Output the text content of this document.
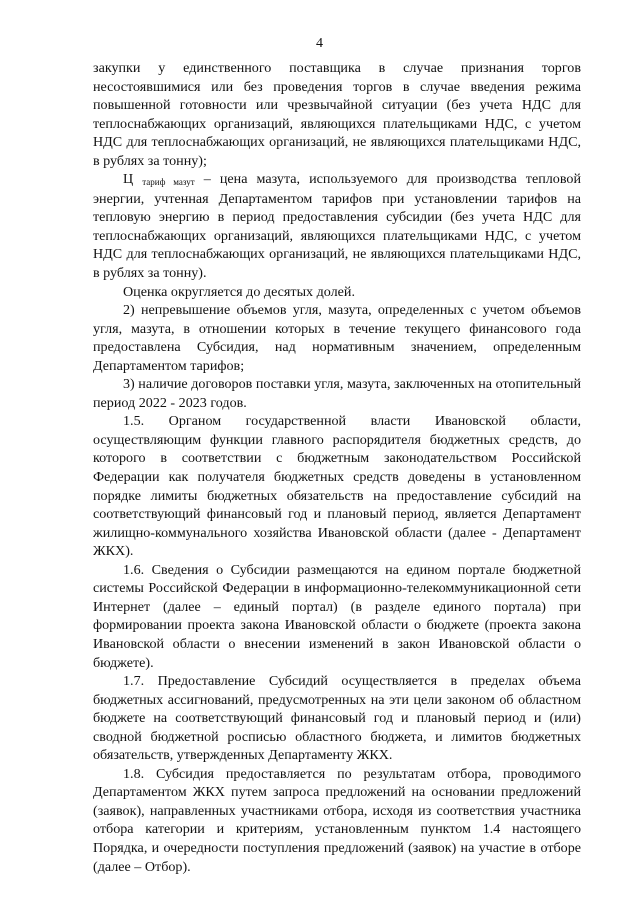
4

закупки у единственного поставщика в случае признания торгов несостоявшимися или без проведения торгов в случае введения режима повышенной готовности или чрезвычайной ситуации (без учета НДС для теплоснабжающих организаций, являющихся плательщиками НДС, с учетом НДС для теплоснабжающих организаций, не являющихся плательщиками НДС, в рублях за тонну);

Ц тариф мазут – цена мазута, используемого для производства тепловой энергии, учтенная Департаментом тарифов при установлении тарифов на тепловую энергию в период предоставления субсидии (без учета НДС для теплоснабжающих организаций, являющихся плательщиками НДС, с учетом НДС для теплоснабжающих организаций, не являющихся плательщиками НДС, в рублях за тонну).

Оценка округляется до десятых долей.

2) непревышение объемов угля, мазута, определенных с учетом объемов угля, мазута, в отношении которых в течение текущего финансового года предоставлена Субсидия, над нормативным значением, определенным Департаментом тарифов;

3) наличие договоров поставки угля, мазута, заключенных на отопительный период 2022 - 2023 годов.

1.5. Органом государственной власти Ивановской области, осуществляющим функции главного распорядителя бюджетных средств, до которого в соответствии с бюджетным законодательством Российской Федерации как получателя бюджетных средств доведены в установленном порядке лимиты бюджетных обязательств на предоставление субсидий на соответствующий финансовый год и плановый период, является Департамент жилищно-коммунального хозяйства Ивановской области (далее - Департамент ЖКХ).

1.6. Сведения о Субсидии размещаются на едином портале бюджетной системы Российской Федерации в информационно-телекоммуникационной сети Интернет (далее – единый портал) (в разделе единого портала) при формировании проекта закона Ивановской области о бюджете (проекта закона Ивановской области о внесении изменений в закон Ивановской области о бюджете).

1.7. Предоставление Субсидий осуществляется в пределах объема бюджетных ассигнований, предусмотренных на эти цели законом об областном бюджете на соответствующий финансовый год и плановый период и (или) сводной бюджетной росписью областного бюджета, и лимитов бюджетных обязательств, утвержденных Департаменту ЖКХ.

1.8. Субсидия предоставляется по результатам отбора, проводимого Департаментом ЖКХ путем запроса предложений на основании предложений (заявок), направленных участниками отбора, исходя из соответствия участника отбора категории и критериям, установленным пунктом 1.4 настоящего Порядка, и очередности поступления предложений (заявок) на участие в отборе (далее – Отбор).
